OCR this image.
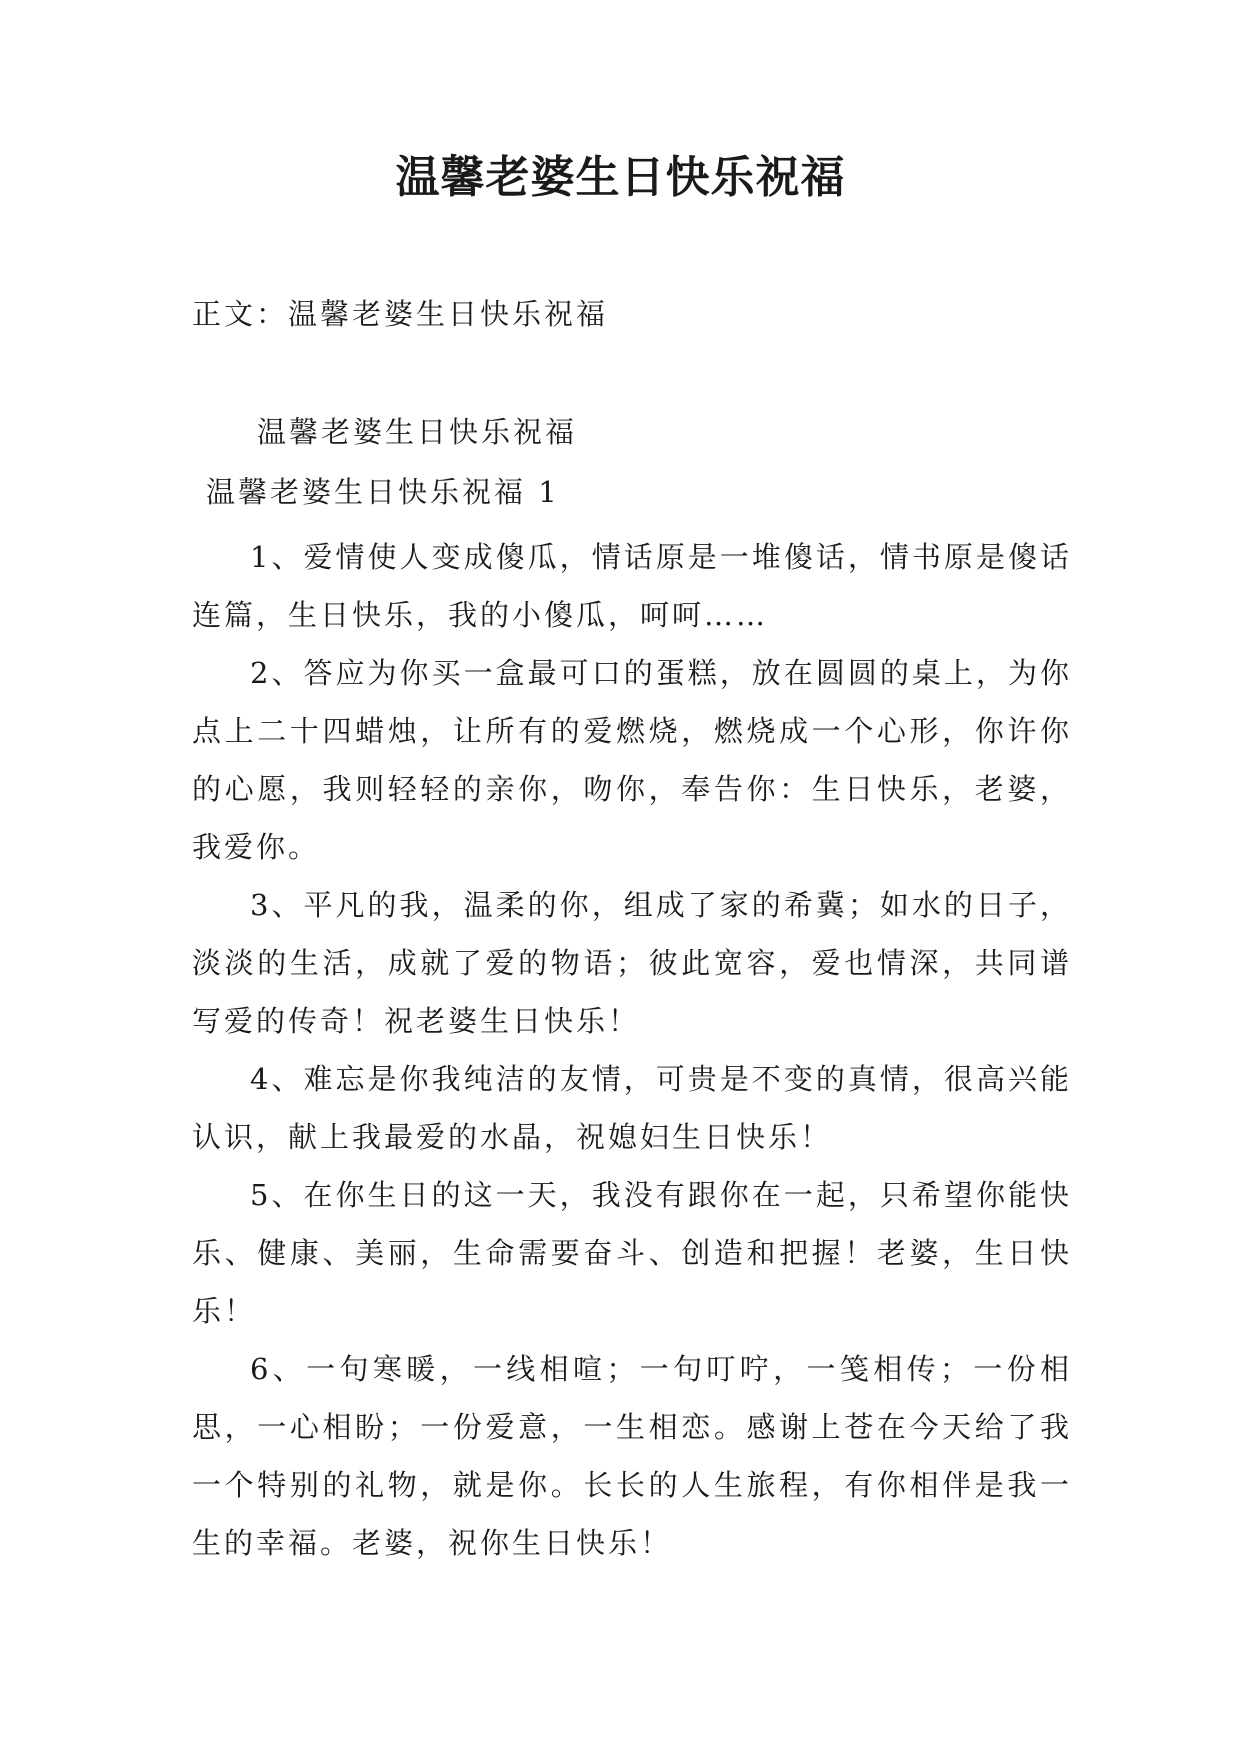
温馨老婆生日快乐祝福
正文：温馨老婆生日快乐祝福
温馨老婆生日快乐祝福
温馨老婆生日快乐祝福 1

1、爱情使人变成傻瓜，情话原是一堆傻话，情书原是傻话连篇，生日快乐，我的小傻瓜，呵呵……

2、答应为你买一盒最可口的蛋糕，放在圆圆的桌上，为你点上二十四蜡烛，让所有的爱燃烧，燃烧成一个心形，你许你的心愿，我则轻轻的亲你，吻你，奉告你：生日快乐，老婆，我爱你。

3、平凡的我，温柔的你，组成了家的希冀；如水的日子，淡淡的生活，成就了爱的物语；彼此宽容，爱也情深，共同谱写爱的传奇！祝老婆生日快乐！

4、难忘是你我纯洁的友情，可贵是不变的真情，很高兴能认识，献上我最爱的水晶，祝媳妇生日快乐！

5、在你生日的这一天，我没有跟你在一起，只希望你能快乐、健康、美丽，生命需要奋斗、创造和把握！老婆，生日快乐！

6、一句寒暖，一线相喧；一句叮咛，一笺相传；一份相思，一心相盼；一份爱意，一生相恋。感谢上苍在今天给了我一个特别的礼物，就是你。长长的人生旅程，有你相伴是我一生的幸福。老婆，祝你生日快乐！
